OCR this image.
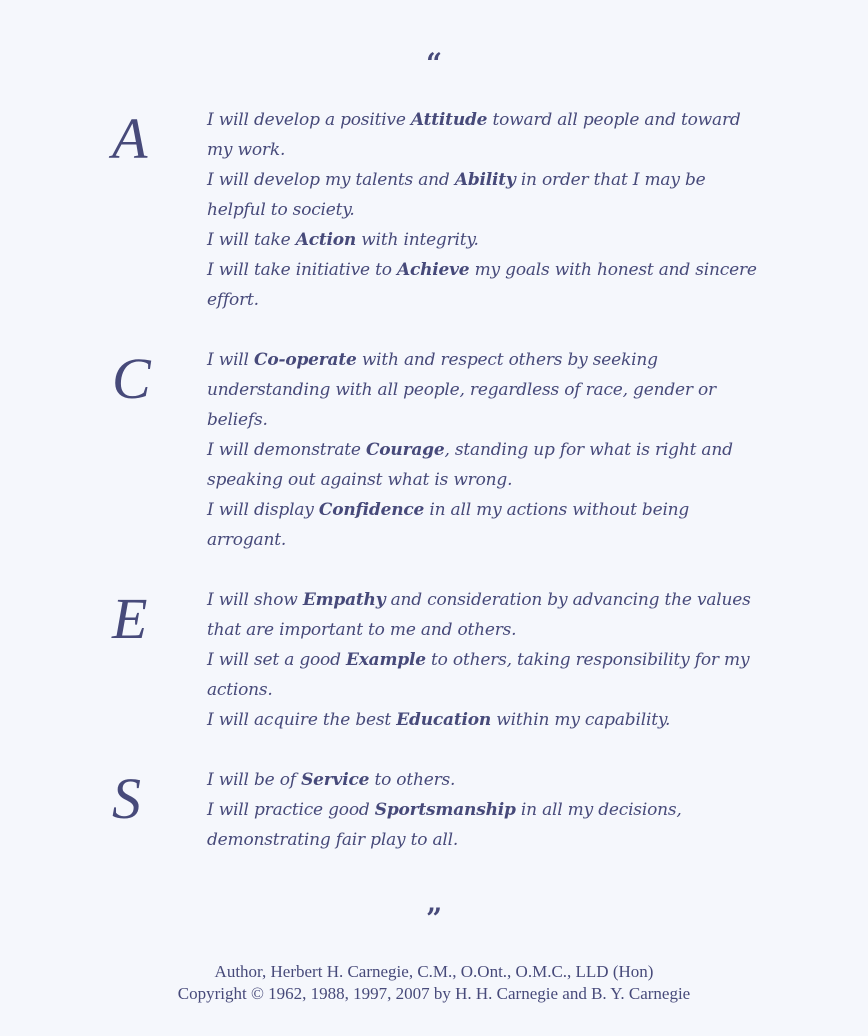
“
A	I will develop a positive Attitude toward all people and toward my work.
I will develop my talents and Ability in order that I may be helpful to society.
I will take Action with integrity.
I will take initiative to Achieve my goals with honest and sincere effort.
C	I will Co-operate with and respect others by seeking understanding with all people, regardless of race, gender or beliefs.
I will demonstrate Courage, standing up for what is right and speaking out against what is wrong.
I will display Confidence in all my actions without being arrogant.
E	I will show Empathy and consideration by advancing the values that are important to me and others.
I will set a good Example to others, taking responsibility for my actions.
I will acquire the best Education within my capability.
S	I will be of Service to others.
I will practice good Sportsmanship in all my decisions, demonstrating fair play to all.
”
Author, Herbert H. Carnegie, C.M., O.Ont., O.M.C., LLD (Hon)
Copyright © 1962, 1988, 1997, 2007 by H. H. Carnegie and B. Y. Carnegie
